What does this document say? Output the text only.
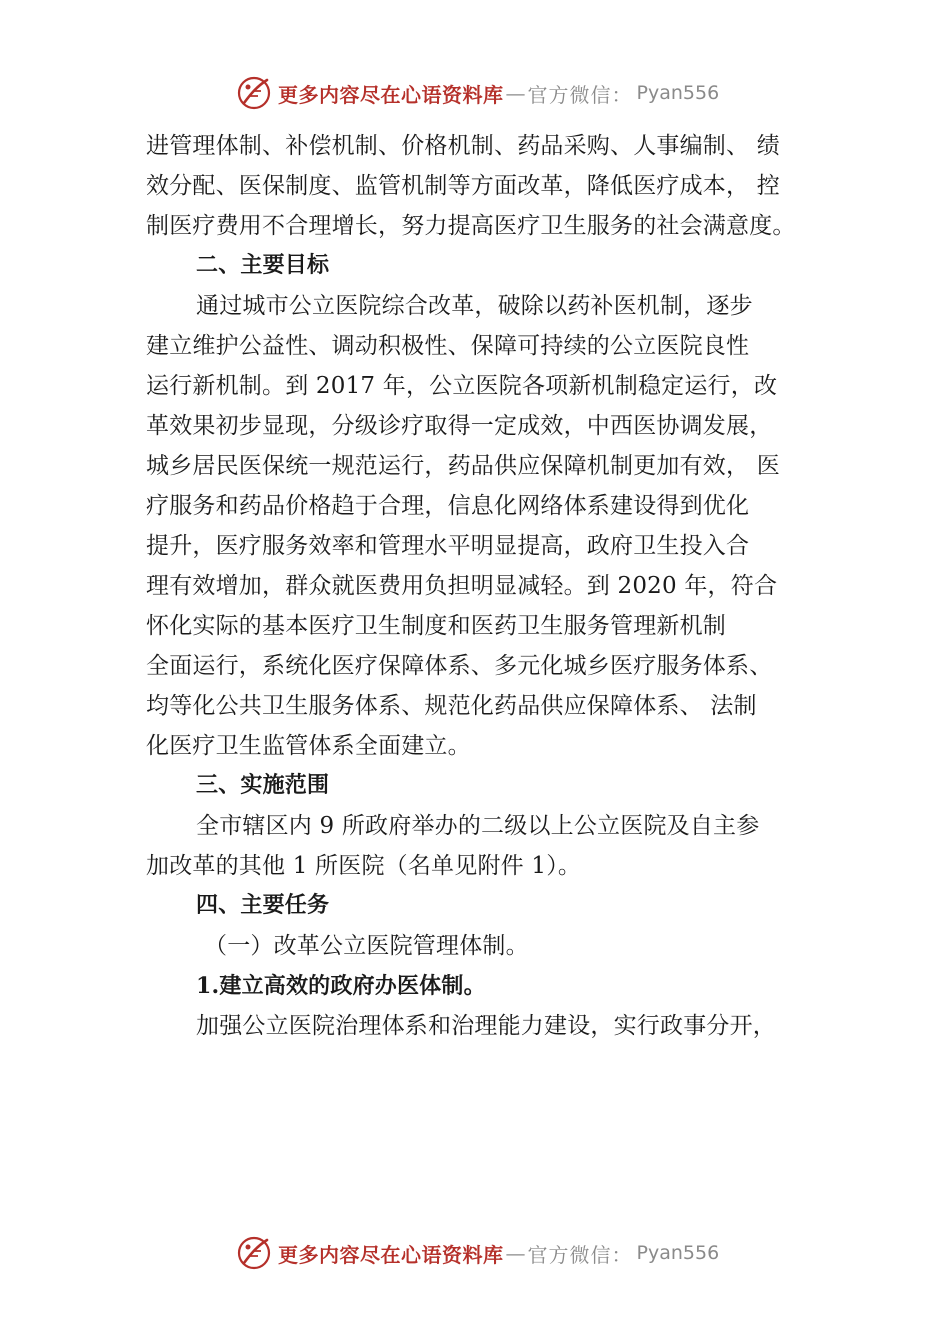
更多内容尽在心语资料库 — 官方微信： Pyan556
进管理体制、补偿机制、价格机制、药品采购、人事编制、 绩
效分配、医保制度、监管机制等方面改革，降低医疗成本， 控
制医疗费用不合理增长，努力提高医疗卫生服务的社会满意度。
二、主要目标
通过城市公立医院综合改革，破除以药补医机制，逐步
建立维护公益性、调动积极性、保障可持续的公立医院良性
运行新机制。到 2017 年，公立医院各项新机制稳定运行，改
革效果初步显现，分级诊疗取得一定成效，中西医协调发展，
城乡居民医保统一规范运行，药品供应保障机制更加有效， 医
疗服务和药品价格趋于合理，信息化网络体系建设得到优化
提升，医疗服务效率和管理水平明显提高，政府卫生投入合
理有效增加，群众就医费用负担明显减轻。到 2020 年，符合
怀化实际的基本医疗卫生制度和医药卫生服务管理新机制
全面运行，系统化医疗保障体系、多元化城乡医疗服务体系、
均等化公共卫生服务体系、规范化药品供应保障体系、 法制
化医疗卫生监管体系全面建立。
三、实施范围
全市辖区内 9 所政府举办的二级以上公立医院及自主参
加改革的其他 1 所医院（名单见附件 1）。
四、主要任务
（一）改革公立医院管理体制。
1.建立高效的政府办医体制。
加强公立医院治理体系和治理能力建设，实行政事分开，
更多内容尽在心语资料库 — 官方微信： Pyan556
